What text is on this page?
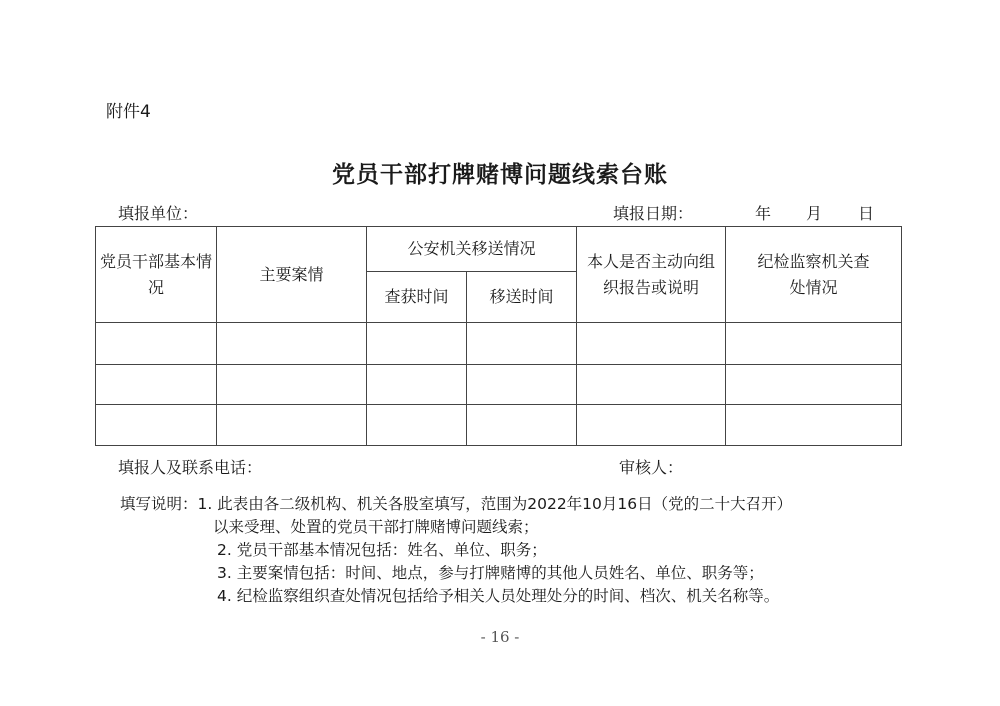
附件4
党员干部打牌赌博问题线索台账
填报单位：	填报日期：	年 月 日
党员干部基本情况	主要案情	公安机关移送情况		本人是否主动向组织报告或说明	纪检监察机关查处情况

		查获时间	移送时间		

填报人及联系电话：	审核人：
填写说明：1. 此表由各二级机构、机关各股室填写，范围为2022年10月16日（党的二十大召开）
以来受理、处置的党员干部打牌赌博问题线索；
2. 党员干部基本情况包括：姓名、单位、职务；
3. 主要案情包括：时间、地点，参与打牌赌博的其他人员姓名、单位、职务等；
4. 纪检监察组织查处情况包括给予相关人员处理处分的时间、档次、机关名称等。
- 16 -
